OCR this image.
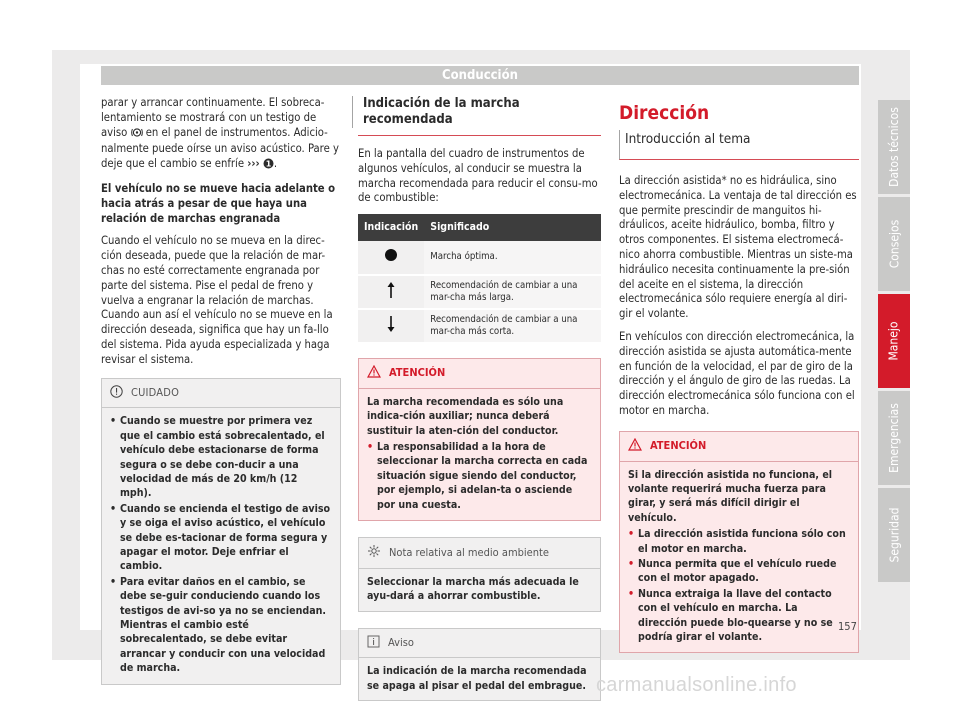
Conducción

parar y arrancar continuamente. El sobreca-lentamiento se mostrará con un testigo de aviso en el panel de instrumentos. Adicio-nalmente puede oírse un aviso acústico. Pare y deje que el cambio se enfríe ››› 1 .

El vehículo no se mueve hacia adelante o hacia atrás a pesar de que haya una relación de marchas engranada

Cuando el vehículo no se mueva en la direc-ción deseada, puede que la relación de mar-chas no esté correctamente engranada por parte del sistema. Pise el pedal de freno y vuelva a engranar la relación de marchas. Cuando aun así el vehículo no se mueve en la dirección deseada, significa que hay un fa-llo del sistema. Pida ayuda especializada y haga revisar el sistema.

CUIDADO
• Cuando se muestre por primera vez que el cambio está sobrecalentado, el vehículo debe estacionarse de forma segura o se debe con-ducir a una velocidad de más de 20 km/h (12 mph).
• Cuando se encienda el testigo de aviso y se oiga el aviso acústico, el vehículo se debe es-tacionar de forma segura y apagar el motor. Deje enfriar el cambio.
• Para evitar daños en el cambio, se debe se-guir conduciendo cuando los testigos de avi-so ya no se enciendan. Mientras el cambio esté sobrecalentado, se debe evitar arrancar y conducir con una velocidad de marcha.
Indicación de la marcha recomendada

En la pantalla del cuadro de instrumentos de algunos vehículos, al conducir se muestra la marcha recomendada para reducir el consu-mo de combustible:

Indicación	Significado
	Marcha óptima.
	Recomendación de cambiar a una mar-cha más larga.
	Recomendación de cambiar a una mar-cha más corta.
ATENCIÓN

La marcha recomendada es sólo una indica-ción auxiliar; nunca deberá sustituir la aten-ción del conductor.

• La responsabilidad a la hora de seleccionar la marcha correcta en cada situación sigue siendo del conductor, por ejemplo, si adelan-ta o asciende por una cuesta.
Nota relativa al medio ambiente
Seleccionar la marcha más adecuada le ayu-dará a ahorrar combustible.
Aviso
La indicación de la marcha recomendada se apaga al pisar el pedal del embrague.
Dirección
Introducción al tema

La dirección asistida* no es hidráulica, sino electromecánica. La ventaja de tal dirección es que permite prescindir de manguitos hi-dráulicos, aceite hidráulico, bomba, filtro y otros componentes. El sistema electromecá-nico ahorra combustible. Mientras un siste-ma hidráulico necesita continuamente la pre-sión del aceite en el sistema, la dirección electromecánica sólo requiere energía al diri-gir el volante.

En vehículos con dirección electromecánica, la dirección asistida se ajusta automática-mente en función de la velocidad, el par de giro de la dirección y el ángulo de giro de las ruedas. La dirección electromecánica sólo funciona con el motor en marcha.

ATENCIÓN

Si la dirección asistida no funciona, el volante requerirá mucha fuerza para girar, y será más difícil dirigir el vehículo.

• La dirección asistida funciona sólo con el motor en marcha.
• Nunca permita que el vehículo ruede con el motor apagado.
• Nunca extraiga la llave del contacto con el vehículo en marcha. La dirección puede blo-quearse y no se podría girar el volante.
Datos técnicos
Consejos
Manejo
Emergencias
Seguridad
157
carmanualsonline.info
